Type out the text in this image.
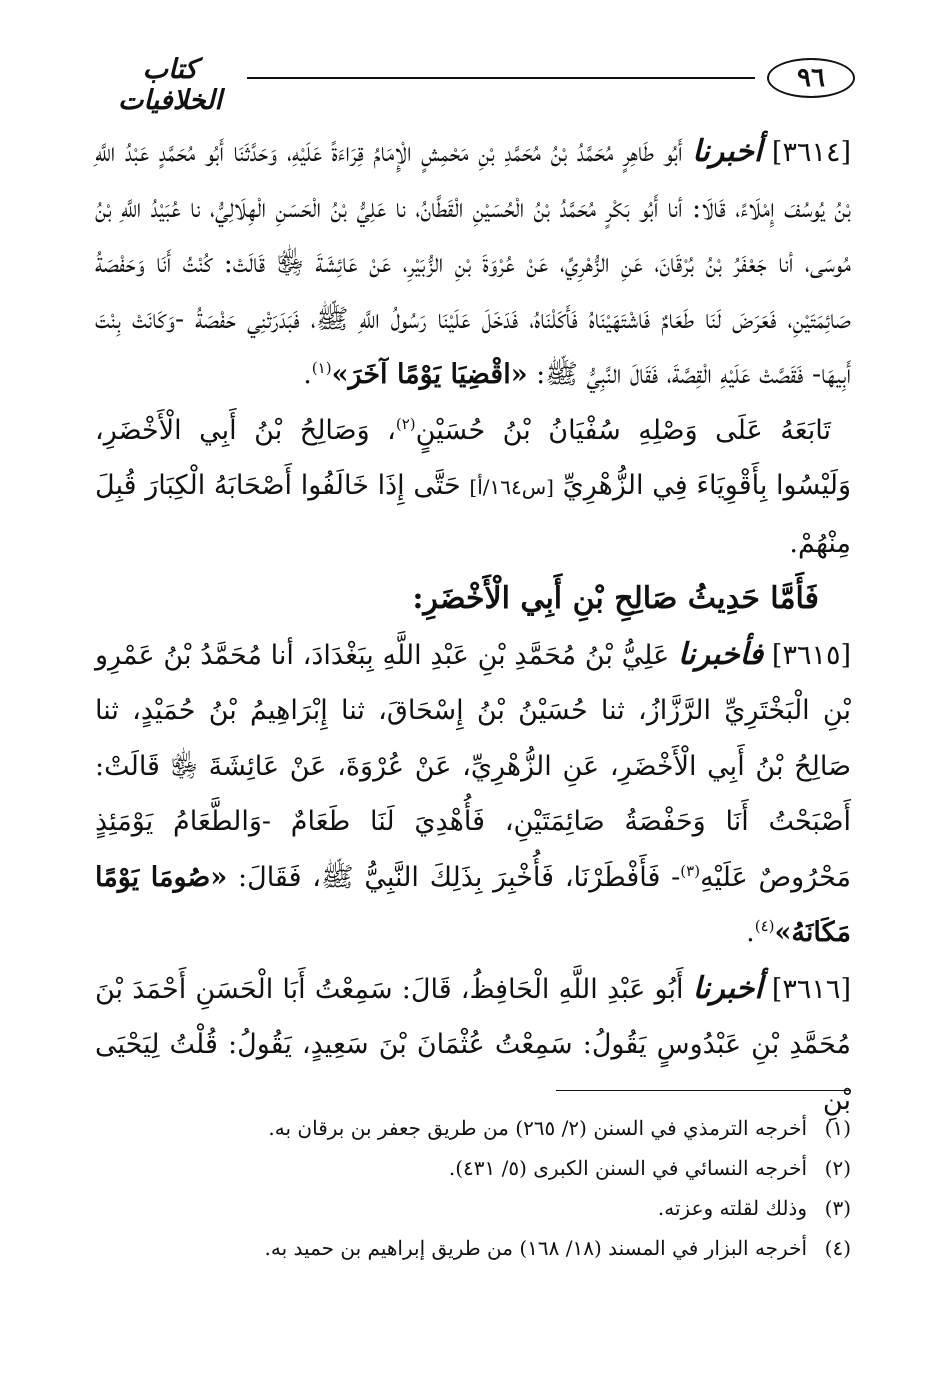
٩٦
كتاب الخلافيات

[٣٦١٤] أخبرنا أَبُو طَاهِرٍ مُحَمَّدُ بْنُ مُحَمَّدِ بْنِ مَحْمِشٍ الْإِمَامُ قِرَاءَةً عَلَيْهِ، وَحَدَّثَنَا أَبُو مُحَمَّدٍ عَبْدُ اللَّهِ بْنُ يُوسُفَ إِمْلَاءً، قَالَا: أنا أَبُو بَكْرٍ مُحَمَّدُ بْنُ الْحُسَيْنِ الْقَطَّانُ، نا عَلِيُّ بْنُ الْحَسَنِ الْهِلَالِيُّ، نا عُبَيْدُ اللَّهِ بْنُ مُوسَى، أنا جَعْفَرُ بْنُ بُرْقَانَ، عَنِ الزُّهْرِيِّ، عَنْ عُرْوَةَ بْنِ الزُّبَيْرِ، عَنْ عَائِشَةَ ﵂ قَالَتْ: كُنْتُ أَنَا وَحَفْصَةُ صَائِمَتَيْنِ، فَعَرَضَ لَنَا طَعَامٌ فَاشْتَهَيْنَاهُ فَأَكَلْنَاهُ، فَدَخَلَ عَلَيْنَا رَسُولُ اللَّهِ ﷺ، فَبَدَرَتْنِي حَفْصَةُ -وَكَانَتْ بِنْتَ أَبِيهَا- فَقَصَّتْ عَلَيْهِ الْقِصَّةَ، فَقَالَ النَّبِيُّ ﷺ: «اقْضِيَا يَوْمًا آخَرَ»$^{(١)}$.

تَابَعَهُ عَلَى وَصْلِهِ سُفْيَانُ بْنُ حُسَيْنٍ$^{(٢)}$، وَصَالِحُ بْنُ أَبِي الْأَخْضَرِ، وَلَيْسُوا بِأَقْوِيَاءَ فِي الزُّهْرِيِّ [س١٦٤/أ] حَتَّى إِذَا خَالَفُوا أَصْحَابَهُ الْكِبَارَ قُبِلَ مِنْهُمْ.

فَأَمَّا حَدِيثُ صَالِحِ بْنِ أَبِي الْأَخْضَرِ:

[٣٦١٥] فأخبرنا عَلِيُّ بْنُ مُحَمَّدِ بْنِ عَبْدِ اللَّهِ بِبَغْدَادَ، أنا مُحَمَّدُ بْنُ عَمْرِو بْنِ الْبَخْتَرِيِّ الرَّزَّازُ، ثنا حُسَيْنُ بْنُ إِسْحَاقَ، ثنا إِبْرَاهِيمُ بْنُ حُمَيْدٍ، ثنا صَالِحُ بْنُ أَبِي الْأَخْضَرِ، عَنِ الزُّهْرِيِّ، عَنْ عُرْوَةَ، عَنْ عَائِشَةَ ﵂ قَالَتْ: أَصْبَحْتُ أَنَا وَحَفْصَةُ صَائِمَتَيْنِ، فَأُهْدِيَ لَنَا طَعَامٌ -وَالطَّعَامُ يَوْمَئِذٍ مَحْرُوصٌ عَلَيْهِ$^{(٣)}$- فَأَفْطَرْنَا، فَأُخْبِرَ بِذَلِكَ النَّبِيُّ ﷺ، فَقَالَ: «صُومَا يَوْمًا مَكَانَهُ»$^{(٤)}$.

[٣٦١٦] أخبرنا أَبُو عَبْدِ اللَّهِ الْحَافِظُ، قَالَ: سَمِعْتُ أَبَا الْحَسَنِ أَحْمَدَ بْنَ مُحَمَّدِ بْنِ عَبْدُوسٍ يَقُولُ: سَمِعْتُ عُثْمَانَ بْنَ سَعِيدٍ، يَقُولُ: قُلْتُ لِيَحْيَى بْنِ

(١)أخرجه الترمذي في السنن (٢/ ٢٦٥) من طريق جعفر بن برقان به.
(٢)أخرجه النسائي في السنن الكبرى (٥/ ٤٣١).
(٣)وذلك لقلته وعزته.
(٤)أخرجه البزار في المسند (١٨/ ١٦٨) من طريق إبراهيم بن حميد به.
